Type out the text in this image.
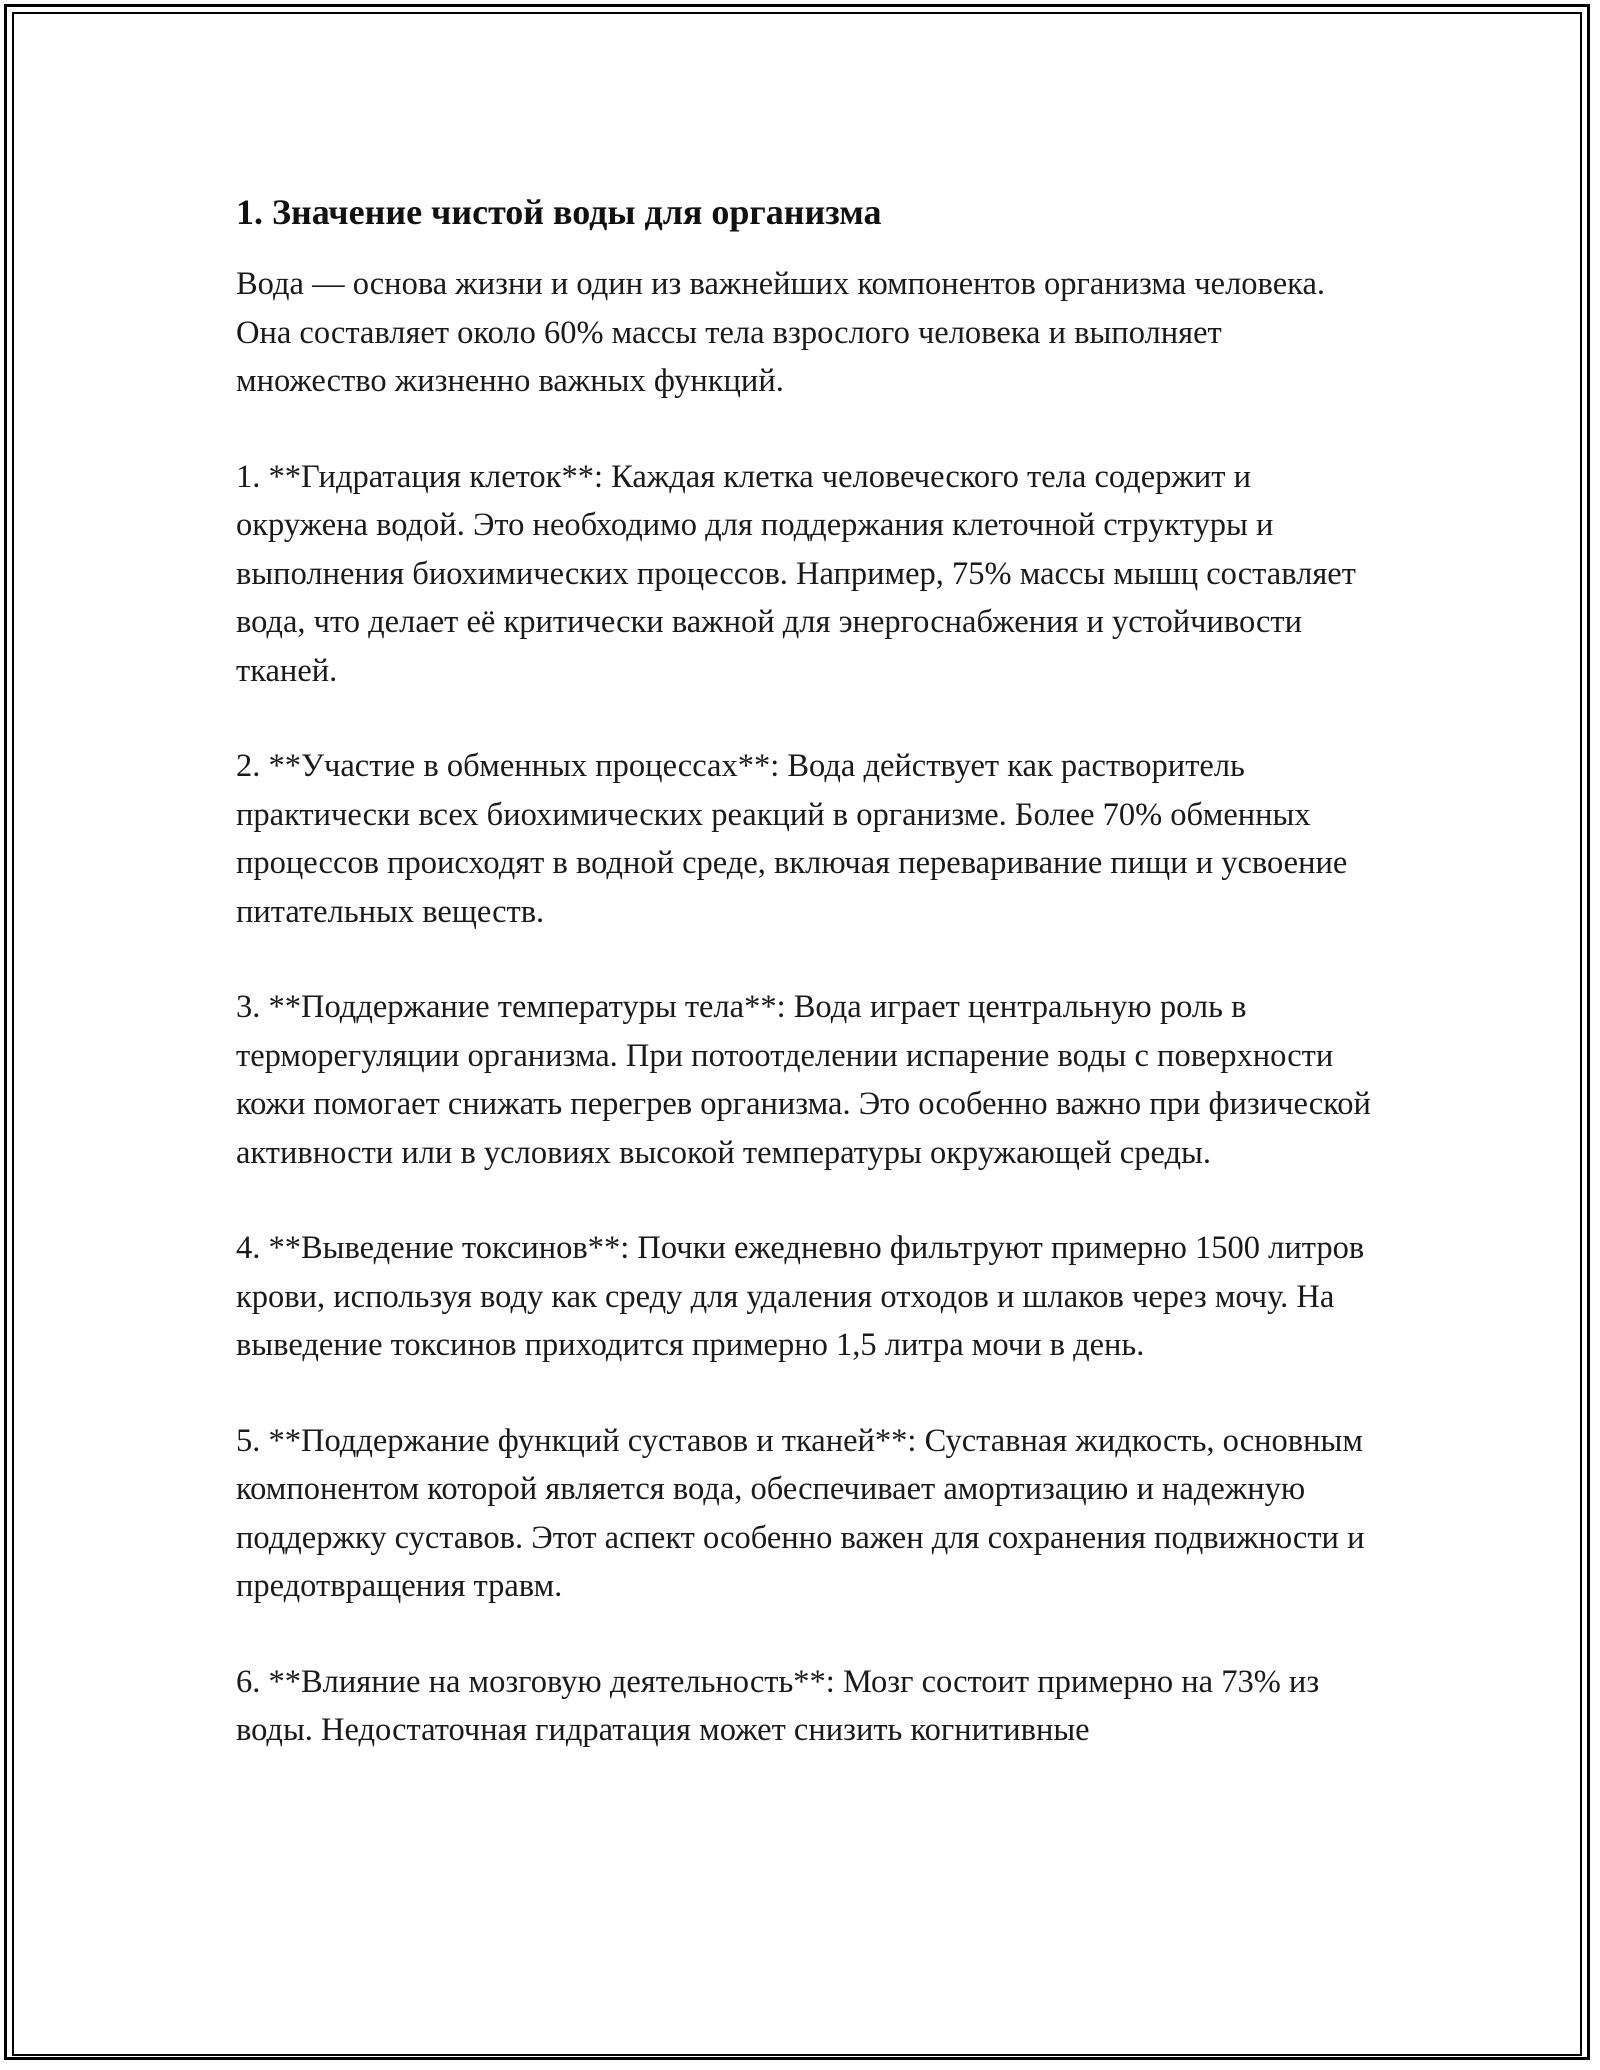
1. Значение чистой воды для организма

Вода — основа жизни и один из важнейших компонентов организма человека. Она составляет около 60% массы тела взрослого человека и выполняет множество жизненно важных функций.

1. **Гидратация клеток**: Каждая клетка человеческого тела содержит и окружена водой. Это необходимо для поддержания клеточной структуры и выполнения биохимических процессов. Например, 75% массы мышц составляет вода, что делает её критически важной для энергоснабжения и устойчивости тканей.

2. **Участие в обменных процессах**: Вода действует как растворитель практически всех биохимических реакций в организме. Более 70% обменных процессов происходят в водной среде, включая переваривание пищи и усвоение питательных веществ.

3. **Поддержание температуры тела**: Вода играет центральную роль в терморегуляции организма. При потоотделении испарение воды с поверхности кожи помогает снижать перегрев организма. Это особенно важно при физической активности или в условиях высокой температуры окружающей среды.

4. **Выведение токсинов**: Почки ежедневно фильтруют примерно 1500 литров крови, используя воду как среду для удаления отходов и шлаков через мочу. На выведение токсинов приходится примерно 1,5 литра мочи в день.

5. **Поддержание функций суставов и тканей**: Суставная жидкость, основным компонентом которой является вода, обеспечивает амортизацию и надежную поддержку суставов. Этот аспект особенно важен для сохранения подвижности и предотвращения травм.

6. **Влияние на мозговую деятельность**: Мозг состоит примерно на 73% из воды. Недостаточная гидратация может снизить когнитивные
